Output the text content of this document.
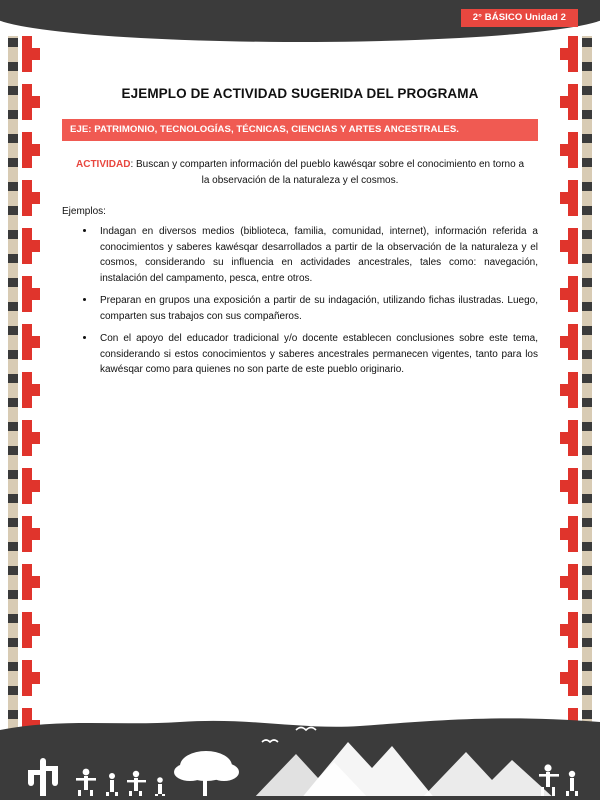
2° BÁSICO Unidad 2
EJEMPLO DE ACTIVIDAD SUGERIDA DEL PROGRAMA
EJE: PATRIMONIO, TECNOLOGÍAS, TÉCNICAS, CIENCIAS Y ARTES ANCESTRALES.

ACTIVIDAD: Buscan y comparten información del pueblo kawésqar sobre el conocimiento en torno a la observación de la naturaleza y el cosmos.

Ejemplos:
• Indagan en diversos medios (biblioteca, familia, comunidad, internet), información referida a conocimientos y saberes kawésqar desarrollados a partir de la observación de la naturaleza y el cosmos, considerando su influencia en actividades ancestrales, tales como: navegación, instalación del campamento, pesca, entre otros.
• Preparan en grupos una exposición a partir de su indagación, utilizando fichas ilustradas. Luego, comparten sus trabajos con sus compañeros.
• Con el apoyo del educador tradicional y/o docente establecen conclusiones sobre este tema, considerando si estos conocimientos y saberes ancestrales permanecen vigentes, tanto para los kawésqar como para quienes no son parte de este pueblo originario.
